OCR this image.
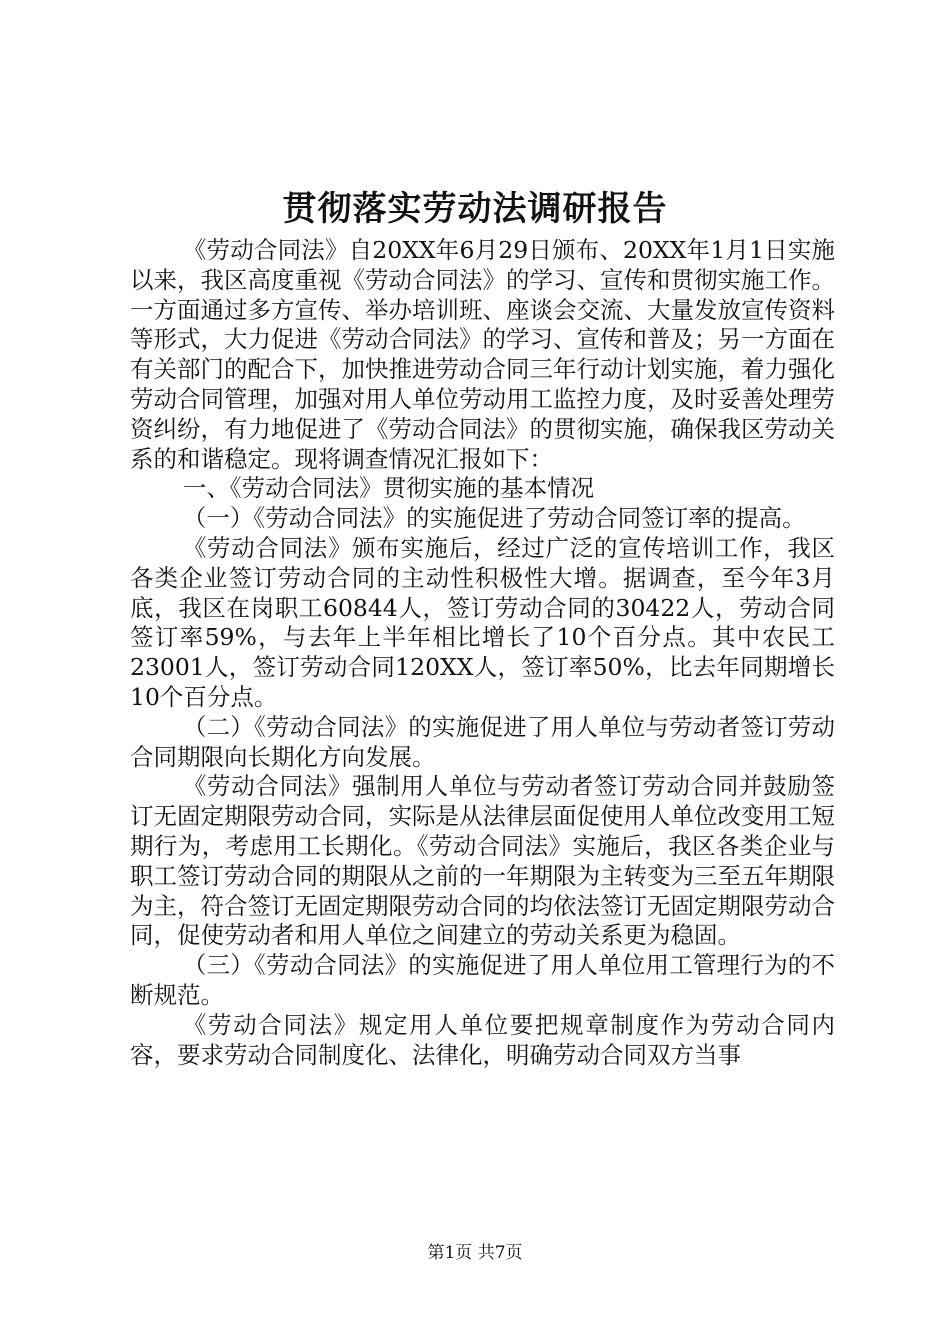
贯彻落实劳动法调研报告

《劳动合同法》自20XX年6月29日颁布、20XX年1月1日实施以来，我区高度重视《劳动合同法》的学习、宣传和贯彻实施工作。一方面通过多方宣传、举办培训班、座谈会交流、大量发放宣传资料等形式，大力促进《劳动合同法》的学习、宣传和普及；另一方面在有关部门的配合下，加快推进劳动合同三年行动计划实施，着力强化劳动合同管理，加强对用人单位劳动用工监控力度，及时妥善处理劳资纠纷，有力地促进了《劳动合同法》的贯彻实施，确保我区劳动关系的和谐稳定。现将调查情况汇报如下：

一、《劳动合同法》贯彻实施的基本情况

（一）《劳动合同法》的实施促进了劳动合同签订率的提高。

《劳动合同法》颁布实施后，经过广泛的宣传培训工作，我区各类企业签订劳动合同的主动性积极性大增。据调查，至今年3月底，我区在岗职工60844人，签订劳动合同的30422人，劳动合同签订率59%，与去年上半年相比增长了10个百分点。其中农民工23001人，签订劳动合同120XX人，签订率50%，比去年同期增长10个百分点。

（二）《劳动合同法》的实施促进了用人单位与劳动者签订劳动合同期限向长期化方向发展。

《劳动合同法》强制用人单位与劳动者签订劳动合同并鼓励签订无固定期限劳动合同，实际是从法律层面促使用人单位改变用工短期行为，考虑用工长期化。《劳动合同法》实施后，我区各类企业与职工签订劳动合同的期限从之前的一年期限为主转变为三至五年期限为主，符合签订无固定期限劳动合同的均依法签订无固定期限劳动合同，促使劳动者和用人单位之间建立的劳动关系更为稳固。

（三）《劳动合同法》的实施促进了用人单位用工管理行为的不断规范。

《劳动合同法》规定用人单位要把规章制度作为劳动合同内容，要求劳动合同制度化、法律化，明确劳动合同双方当事

第1页 共7页
